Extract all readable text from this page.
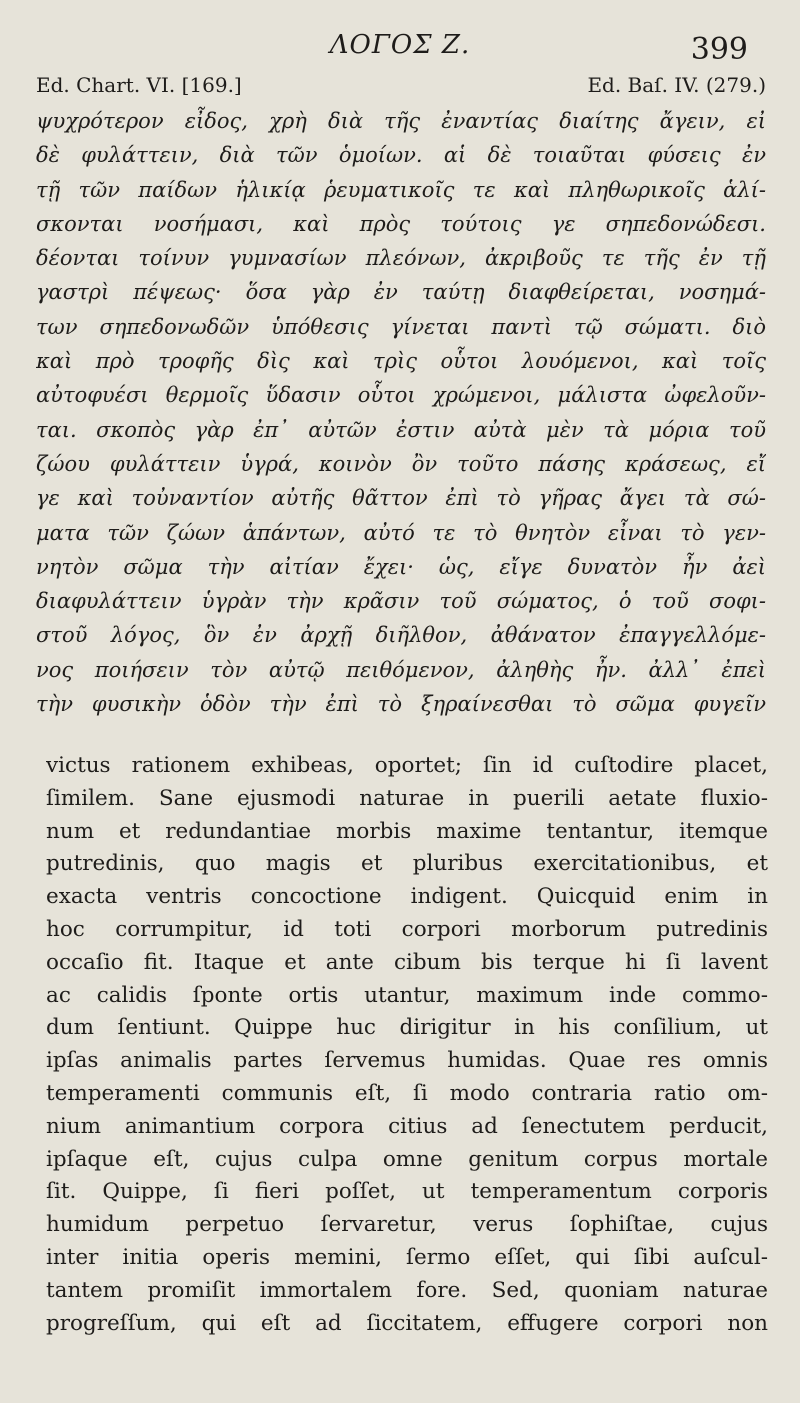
ΛΟΓΟΣ Ζ.	399
Ed. Chart. VI. [169.]	Ed. Baſ. IV. (279.)
ψυχρότερον εἶδος, χρὴ διὰ τῆς ἐναντίας διαίτης ἄγειν, εἰ
δὲ φυλάττειν, διὰ τῶν ὁμοίων. αἱ δὲ τοιαῦται φύσεις ἐν
τῇ τῶν παίδων ἡλικίᾳ ῥευματικοῖς τε καὶ πληθωρικοῖς ἁλί-
σκονται νοσήμασι, καὶ πρὸς τούτοις γε σηπεδονώδεσι.
δέονται τοίνυν γυμνασίων πλεόνων, ἀκριβοῦς τε τῆς ἐν τῇ
γαστρὶ πέψεως· ὅσα γὰρ ἐν ταύτῃ διαφθείρεται, νοσημά-
των σηπεδονωδῶν ὑπόθεσις γίνεται παντὶ τῷ σώματι. διὸ
καὶ πρὸ τροφῆς δὶς καὶ τρὶς οὗτοι λουόμενοι, καὶ τοῖς
αὐτοφυέσι θερμοῖς ὕδασιν οὗτοι χρώμενοι, μάλιστα ὠφελοῦν-
ται. σκοπὸς γὰρ ἐπ᾽ αὐτῶν ἐστιν αὐτὰ μὲν τὰ μόρια τοῦ
ζώου φυλάττειν ὑγρά, κοινὸν ὂν τοῦτο πάσης κράσεως, εἴ
γε καὶ τοὐναντίον αὐτῆς θᾶττον ἐπὶ τὸ γῆρας ἄγει τὰ σώ-
ματα τῶν ζώων ἁπάντων, αὐτό τε τὸ θνητὸν εἶναι τὸ γεν-
νητὸν σῶμα τὴν αἰτίαν ἔχει· ὡς, εἴγε δυνατὸν ἦν ἀεὶ
διαφυλάττειν ὑγρὰν τὴν κρᾶσιν τοῦ σώματος, ὁ τοῦ σοφι-
στοῦ λόγος, ὃν ἐν ἀρχῇ διῆλθον, ἀθάνατον ἐπαγγελλόμε-
νος ποιήσειν τὸν αὐτῷ πειθόμενον, ἀληθὴς ἦν. ἀλλ᾽ ἐπεὶ
τὴν φυσικὴν ὁδὸν τὴν ἐπὶ τὸ ξηραίνεσθαι τὸ σῶμα φυγεῖν
victus rationem exhibeas, oportet; ſin id cuſtodire placet,
ſimilem. Sane ejusmodi naturae in puerili aetate fluxio-
num et redundantiae morbis maxime tentantur, itemque
putredinis, quo magis et pluribus exercitationibus, et
exacta ventris concoctione indigent. Quicquid enim in
hoc corrumpitur, id toti corpori morborum putredinis
occaſio fit. Itaque et ante cibum bis terque hi ſi lavent
ac calidis ſponte ortis utantur, maximum inde commo-
dum ſentiunt. Quippe huc dirigitur in his conſilium, ut
ipſas animalis partes ſervemus humidas. Quae res omnis
temperamenti communis eſt, ſi modo contraria ratio om-
nium animantium corpora citius ad ſenectutem perducit,
ipſaque eſt, cujus culpa omne genitum corpus mortale
ſit. Quippe, ſi fieri poſſet, ut temperamentum corporis
humidum perpetuo ſervaretur, verus ſophiſtae, cujus
inter initia operis memini, ſermo eſſet, qui ſibi auſcul-
tantem promiſit immortalem fore. Sed, quoniam naturae
progreſſum, qui eſt ad ſiccitatem, effugere corpori non
